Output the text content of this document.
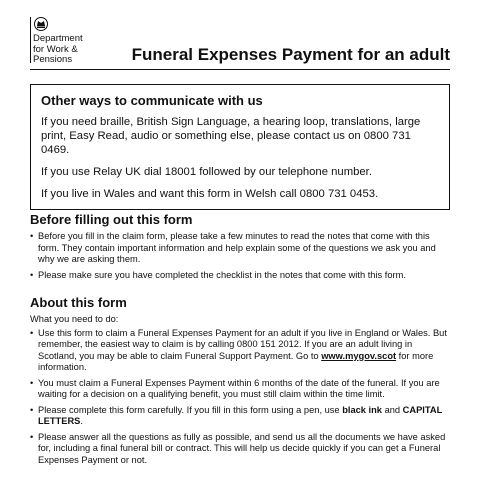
Department
for Work &
Pensions	Funeral Expenses Payment for an adult
Other ways to communicate with us

If you need braille, British Sign Language, a hearing loop, translations, large print, Easy Read, audio or something else, please contact us on 0800 731 0469.

If you use Relay UK dial 18001 followed by our telephone number.

If you live in Wales and want this form in Welsh call 0800 731 0453.

Before filling out this form
• Before you fill in the claim form, please take a few minutes to read the notes that come with this form. They contain important information and help explain some of the questions we ask you and why we are asking them.
• Please make sure you have completed the checklist in the notes that come with this form.
About this form

What you need to do:

• Use this form to claim a Funeral Expenses Payment for an adult if you live in England or Wales. But remember, the easiest way to claim is by calling 0800 151 2012. If you are an adult living in Scotland, you may be able to claim Funeral Support Payment. Go to www.mygov.scot for more information.
• You must claim a Funeral Expenses Payment within 6 months of the date of the funeral. If you are waiting for a decision on a qualifying benefit, you must still claim within the time limit.
• Please complete this form carefully. If you fill in this form using a pen, use black ink and CAPITAL LETTERS.
• Please answer all the questions as fully as possible, and send us all the documents we have asked for, including a final funeral bill or contract. This will help us decide quickly if you can get a Funeral Expenses Payment or not.
